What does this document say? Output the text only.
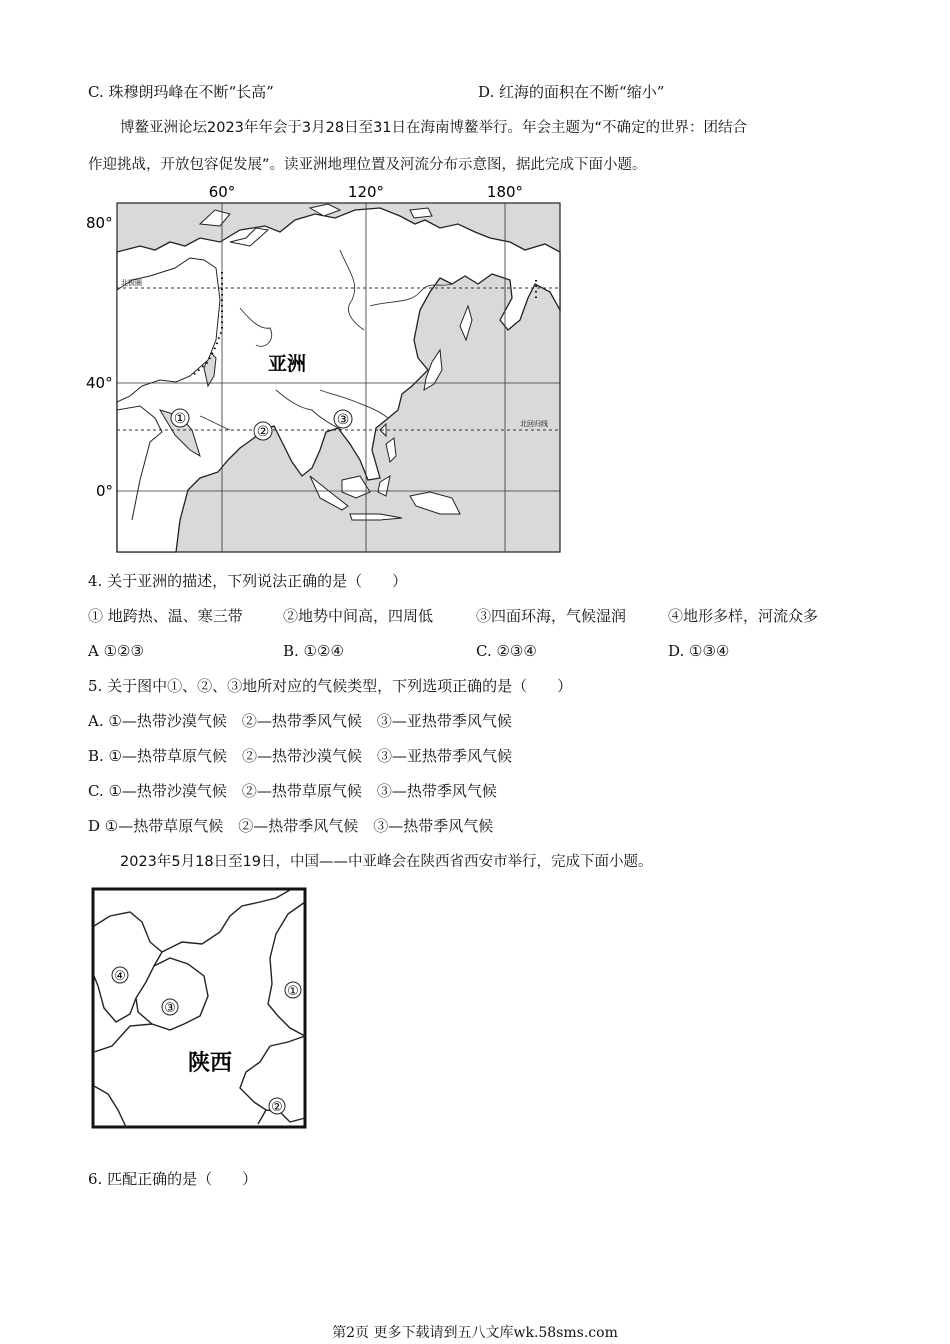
C. 珠穆朗玛峰在不断“长高”	D. 红海的面积在不断“缩小”
博鳌亚洲论坛2023年年会于3月28日至31日在海南博鳌举行。年会主题为“不确定的世界：团结合
作迎挑战，开放包容促发展”。读亚洲地理位置及河流分布示意图，据此完成下面小题。
60°	120°	180°
80°
40°
0°
北极圈
北回归线
亚洲
①
②
③
4. 关于亚洲的描述，下列说法正确的是（　　）
① 地跨热、温、寒三带	②地势中间高，四周低	③四面环海，气候湿润	④地形多样，河流众多
A ①②③	B. ①②④	C. ②③④	D. ①③④
5. 关于图中①、②、③地所对应的气候类型，下列选项正确的是（　　）
A. ①—热带沙漠气候　②—热带季风气候　③—亚热带季风气候
B. ①—热带草原气候　②—热带沙漠气候　③—亚热带季风气候
C. ①—热带沙漠气候　②—热带草原气候　③—热带季风气候
D ①—热带草原气候　②—热带季风气候　③—热带季风气候
2023年5月18日至19日，中国——中亚峰会在陕西省西安市举行，完成下面小题。
①
②
③
④
陕西
6. 匹配正确的是（　　）
第2页 更多下载请到五八文库wk.58sms.com
